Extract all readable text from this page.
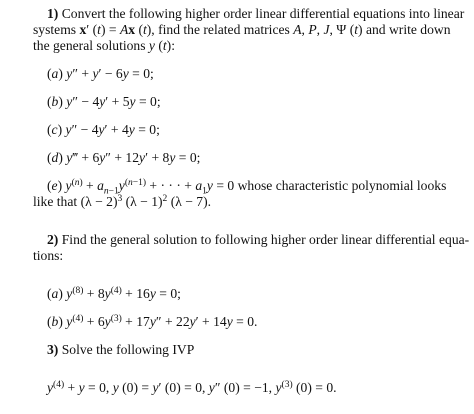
1) Convert the following higher order linear differential equations into linear
systems x′ (t) = Ax (t), find the related matrices A, P, J, Ψ (t) and write down
the general solutions y (t):
(a) y″ + y′ − 6y = 0;
(b) y″ − 4y′ + 5y = 0;
(c) y″ − 4y′ + 4y = 0;
(d) y‴ + 6y″ + 12y′ + 8y = 0;
(e) $y^{(n)} + a_{n-1}y^{(n-1)}$ + · · · + $a_1y = 0$ whose characteristic polynomial looks
like that $(\lambda - 2)^3$ $(\lambda - 1)^2$ (λ − 7).
2) Find the general solution to following higher order linear differential equa-
tions:
(a) $y^{(8)} + 8y^{(4)} + 16y = 0$;
(b) $y^{(4)} + 6y^{(3)} + 17y'' + 22y' + 14y = 0$.
3) Solve the following IVP
$y^{(4)} + y = 0$, y (0) = y′ (0) = 0, y″ (0) = −1, $y^{(3)}$ (0) = 0.
